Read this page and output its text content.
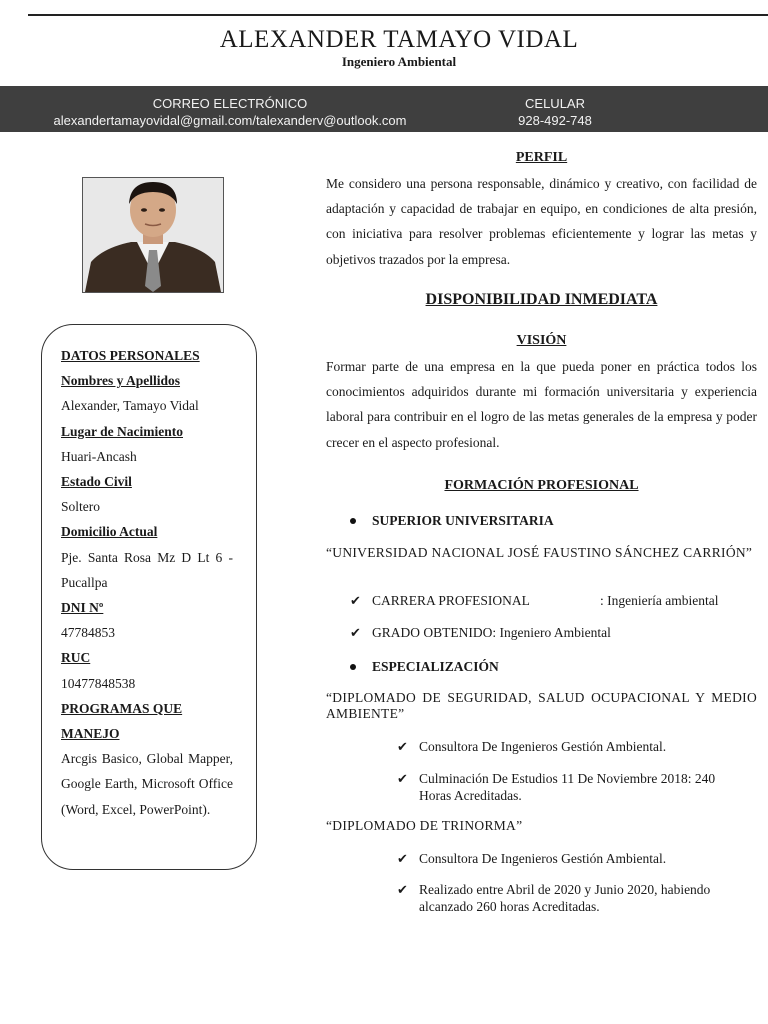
ALEXANDER TAMAYO VIDAL
Ingeniero Ambiental
CORREO ELECTRÓNICO
alexandertamayovidal@gmail.com/talexanderv@outlook.com
CELULAR
928-492-748
DATOS PERSONALES
Nombres y Apellidos
Alexander, Tamayo Vidal
Lugar de Nacimiento
Huari-Ancash
Estado Civil
Soltero
Domicilio Actual
Pje. Santa Rosa Mz D Lt 6 - Pucallpa
DNI Nº
47784853
RUC
10477848538
PROGRAMAS QUE MANEJO
Arcgis Basico, Global Mapper, Google Earth, Microsoft Office (Word, Excel, PowerPoint).
PERFIL
Me considero una persona responsable, dinámico y creativo, con facilidad de adaptación y capacidad de trabajar en equipo, en condiciones de alta presión, con iniciativa para resolver problemas eficientemente y lograr las metas y objetivos trazados por la empresa.
DISPONIBILIDAD INMEDIATA
VISIÓN
Formar parte de una empresa en la que pueda poner en práctica todos los conocimientos adquiridos durante mi formación universitaria y experiencia laboral para contribuir en el logro de las metas generales de la empresa y poder crecer en el aspecto profesional.
FORMACIÓN PROFESIONAL
SUPERIOR UNIVERSITARIA
“UNIVERSIDAD NACIONAL JOSÉ FAUSTINO SÁNCHEZ CARRIÓN”
✔ CARRERA PROFESIONAL	: Ingeniería ambiental
✔ GRADO OBTENIDO: Ingeniero Ambiental
ESPECIALIZACIÓN
“DIPLOMADO DE SEGURIDAD, SALUD OCUPACIONAL Y MEDIO AMBIENTE”
✔ Consultora De Ingenieros Gestión Ambiental.
✔ Culminación De Estudios 11 De Noviembre 2018: 240 Horas Acreditadas.
“DIPLOMADO DE TRINORMA”
✔ Consultora De Ingenieros Gestión Ambiental.
✔ Realizado entre Abril de 2020 y Junio 2020, habiendo alcanzado 260 horas Acreditadas.
